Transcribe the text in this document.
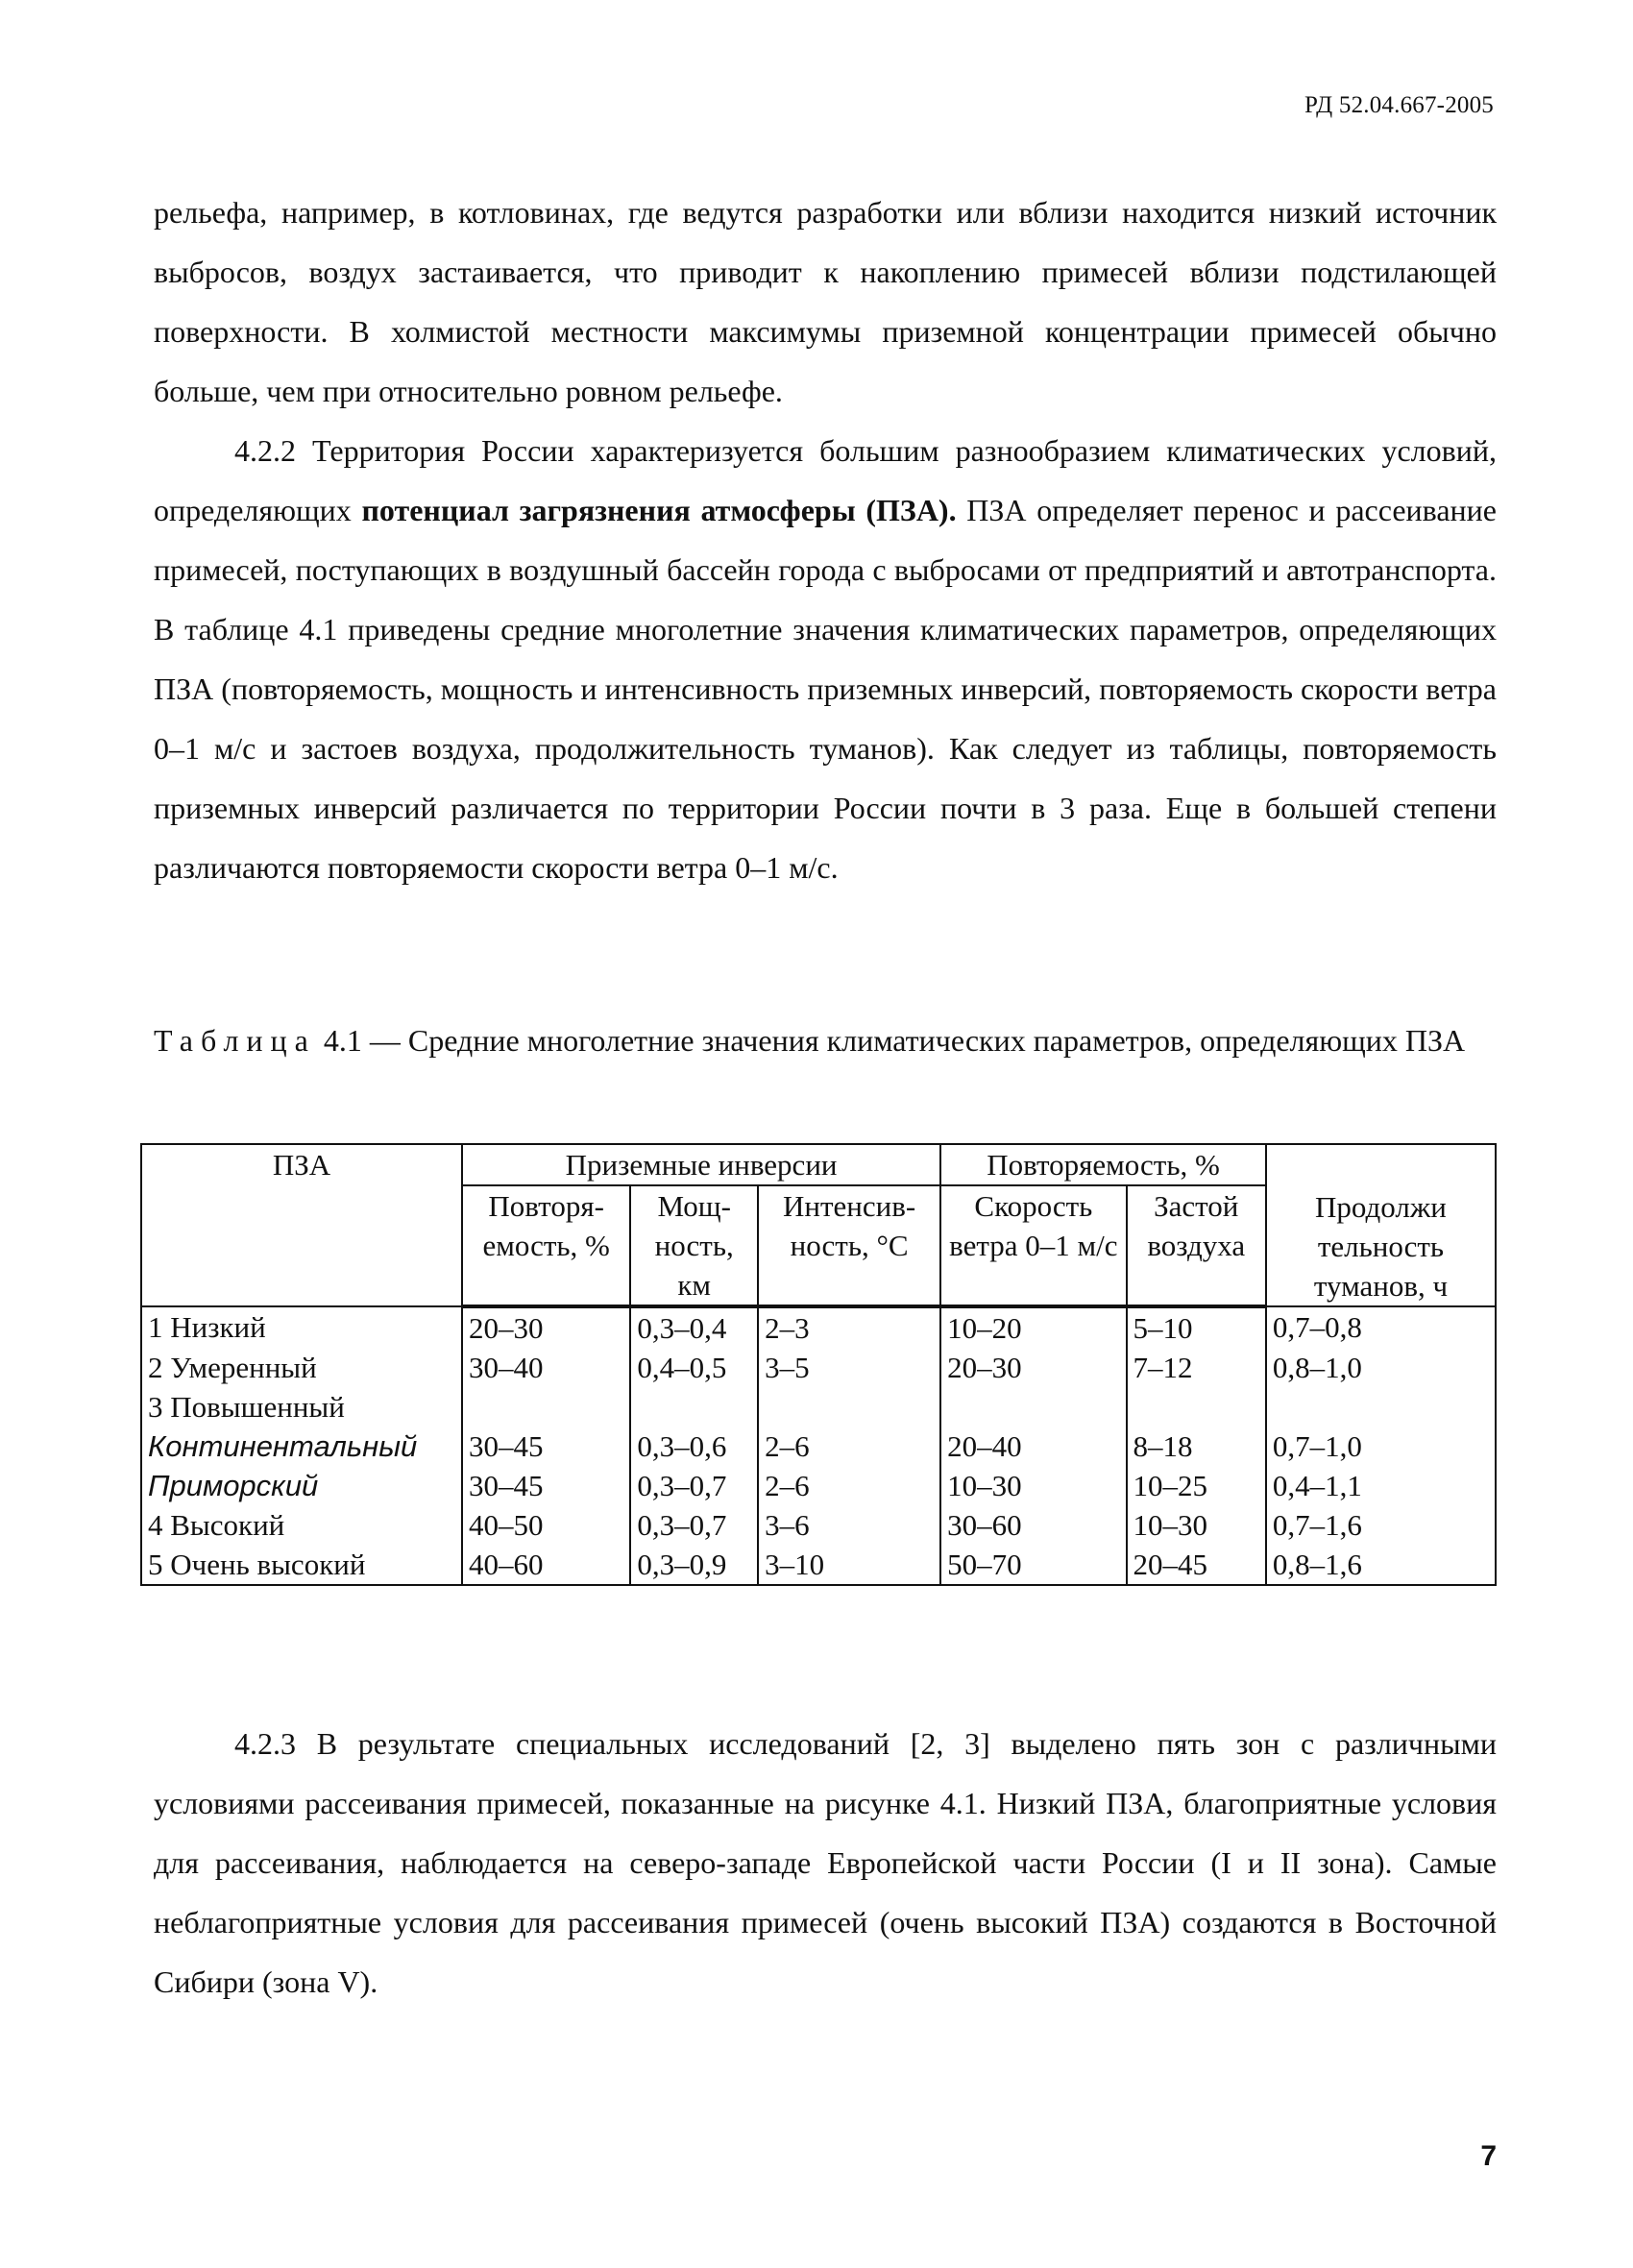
РД 52.04.667-2005

рельефа, например, в котловинах, где ведутся разработки или вблизи находится низкий источник выбросов, воздух застаивается, что приводит к накоплению примесей вблизи подстилающей поверхности. В холмистой местности максимумы приземной концентрации примесей обычно больше, чем при относительно ровном рельефе.

4.2.2 Территория России характеризуется большим разнообразием климатических условий, определяющих потенциал загрязнения атмосферы (ПЗА). ПЗА определяет перенос и рассеивание примесей, поступающих в воздушный бассейн города с выбросами от предприятий и автотранспорта. В таблице 4.1 приведены средние многолетние значения климатических параметров, определяющих ПЗА (повторяемость, мощность и интенсивность приземных инверсий, повторяемость скорости ветра 0–1 м/с и застоев воздуха, продолжительность туманов). Как следует из таблицы, повторяемость приземных инверсий различается по территории России почти в 3 раза. Еще в большей степени различаются повторяемости скорости ветра 0–1 м/с.

Таблица 4.1 — Средние многолетние значения климатических параметров, определяющих ПЗА

ПЗА	Приземные инверсии			Повторяемость, %		Продолжи тельность туманов, ч
	Повторя-емость, %	Мощ-ность, км	Интенсив-ность, °С	Скорость ветра 0–1 м/с	Застой воздуха	
1 Низкий	20–30	0,3–0,4	2–3	10–20	5–10	0,7–0,8
2 Умеренный	30–40	0,4–0,5	3–5	20–30	7–12	0,8–1,0
3 Повышенный						
Континентальный	30–45	0,3–0,6	2–6	20–40	8–18	0,7–1,0
Приморский	30–45	0,3–0,7	2–6	10–30	10–25	0,4–1,1
4 Высокий	40–50	0,3–0,7	3–6	30–60	10–30	0,7–1,6
5 Очень высокий	40–60	0,3–0,9	3–10	50–70	20–45	0,8–1,6

4.2.3 В результате специальных исследований [2, 3] выделено пять зон с различными условиями рассеивания примесей, показанные на рисунке 4.1. Низкий ПЗА, благоприятные условия для рассеивания, наблюдается на северо-западе Европейской части России (I и II зона). Самые неблагоприятные условия для рассеивания примесей (очень высокий ПЗА) создаются в Восточной Сибири (зона V).

7
